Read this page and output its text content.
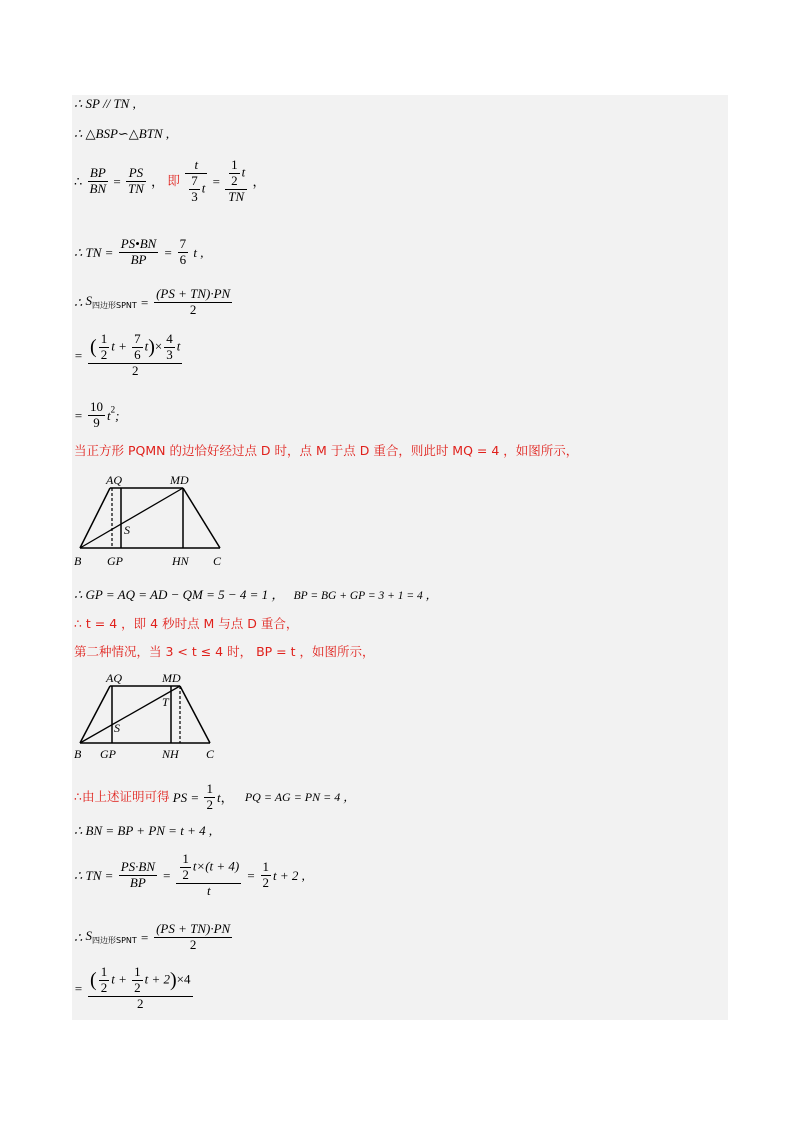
∴ SP // TN ,
∴ △BSP∽△BTN ,
∴ $\frac{BP}{BN} = \frac{PS}{TN}$ ， 即 $\frac{t}{\frac{7}{3} t} = \frac{\frac{1}{2} t}{TN}$ ，
∴ TN = $\frac{PS•BN}{BP} = \frac{7}{6}$ t ,
∴ $S_{四边形SPNT} = \frac{(PS + TN)\cdot PN}{2}$
= $\frac{( \frac{1}{2} t + \frac{7}{6} t)\times \frac{4}{3} t}{2}$
= $\frac{10}{9} t^2$;
当正方形 PQMN 的边恰好经过点 D 时，点 M 于点 D 重合，则此时 MQ = 4 ，如图所示，
AQ	MD
S
B GP	HN C
∴ GP = AQ = AD − QM = 5 − 4 = 1 ， BP = BG + GP = 3 + 1 = 4 ，
∴ t = 4 ，即 4 秒时点 M 与点 D 重合，
第二种情况，当 3 < t ≤ 4 时， BP = t ，如图所示，
AQ	MD
T
S
B GP	NH C
∴由上述证明可得 PS = $\frac{1}{2}$ t， PQ = AG = PN = 4 ，
∴ BN = BP + PN = t + 4 ,
∴ TN = $\frac{PS\cdot BN}{BP} = \frac{\frac{1}{2} t\times(t + 4)}{t} = \frac{1}{2}$ t + 2 ,
∴ $S_{四边形SPNT} = \frac{(PS + TN)\cdot PN}{2}$
= $\frac{( \frac{1}{2} t + \frac{1}{2} t + 2)\times 4}{2}$
